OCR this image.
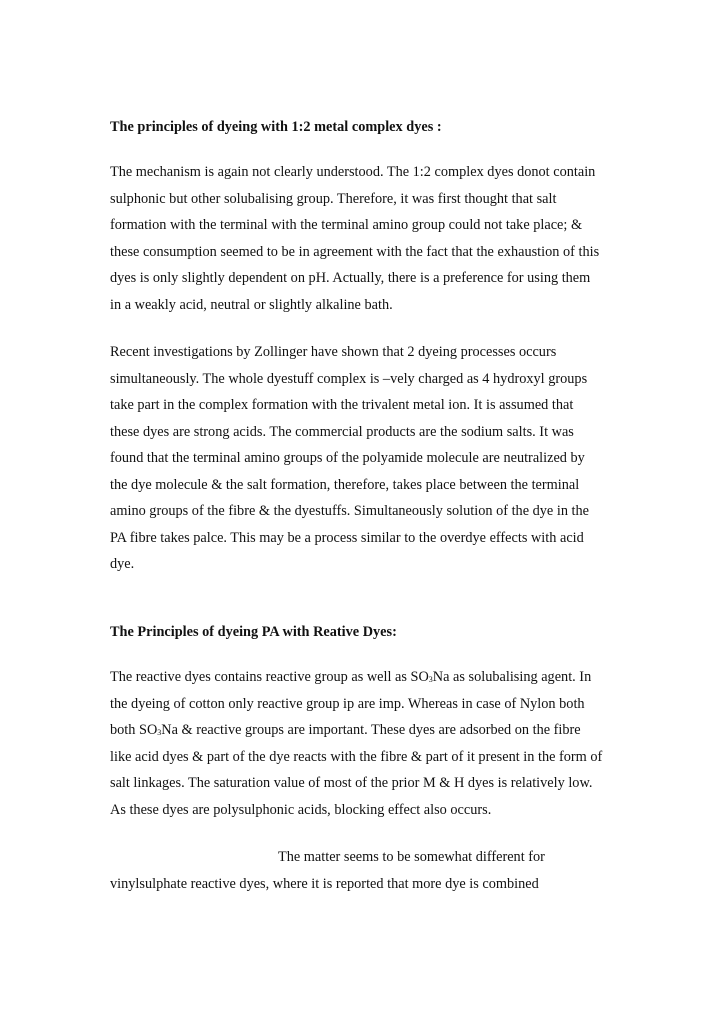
The principles of dyeing with 1:2 metal complex dyes :
The mechanism is again not clearly understood. The 1:2 complex dyes donot contain
sulphonic but other solubalising group. Therefore, it was first thought that salt
formation with the terminal with the terminal amino group could not take place; &
these consumption seemed to be in agreement with the fact that the exhaustion of this
dyes is only slightly dependent on pH. Actually, there is a preference for using them
in a weakly acid, neutral or slightly alkaline bath.
Recent investigations by Zollinger have shown that 2 dyeing processes occurs
simultaneously. The whole dyestuff complex is –vely charged as 4 hydroxyl groups
take part in the complex formation with the trivalent metal ion. It is assumed that
these dyes are strong acids. The commercial products are the sodium salts. It was
found that the terminal amino groups of the polyamide molecule are neutralized by
the dye molecule & the salt formation, therefore, takes place between the terminal
amino groups of the fibre & the dyestuffs. Simultaneously solution of the dye in the
PA fibre takes palce. This may be a process similar to the overdye effects with acid
dye.
The Principles of dyeing PA with Reative Dyes:
The reactive dyes contains reactive group as well as SO3Na as solubalising agent. In
the dyeing of cotton only reactive group ip are imp. Whereas in case of Nylon both
both SO3Na & reactive groups are important. These dyes are adsorbed on the fibre
like acid dyes & part of the dye reacts with the fibre & part of it present in the form of
salt linkages. The saturation value of most of the prior M & H dyes is relatively low.
As these dyes are polysulphonic acids, blocking effect also occurs.
The matter seems to be somewhat different for
vinylsulphate reactive dyes, where it is reported that more dye is combined
